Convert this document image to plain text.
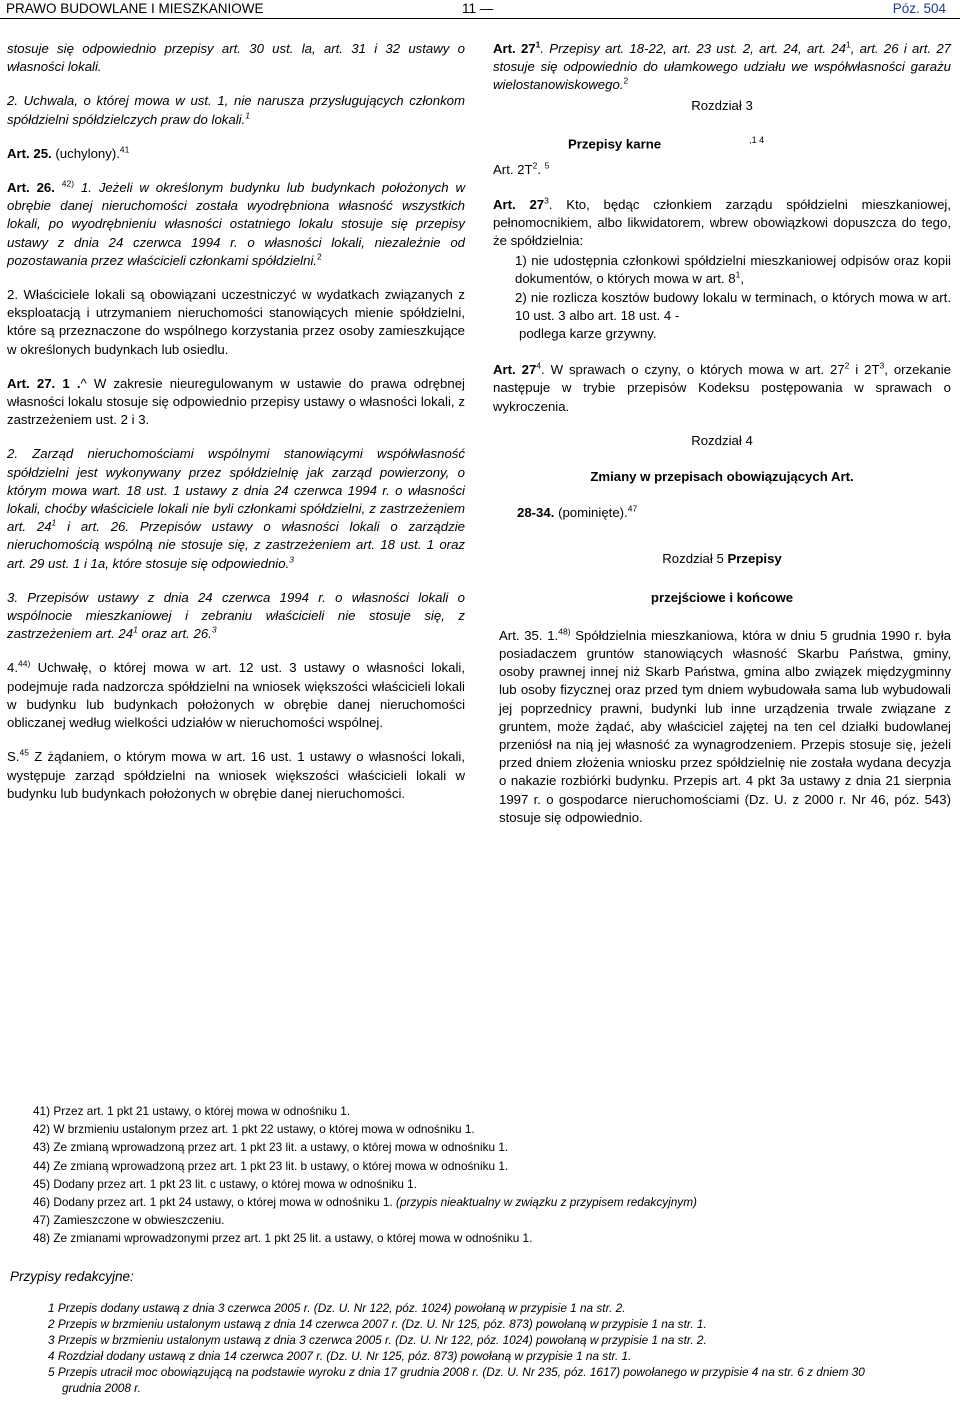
PRAWO BUDOWLANE I MIESZKANIOWE	11 —	Póz. 504

stosuje się odpowiednio przepisy art. 30 ust. la, art. 31 i 32 ustawy o własności lokali.

2. Uchwala, o której mowa w ust. 1, nie narusza przysługujących członkom spółdzielni spółdzielczych praw do lokali.$^1$

Art. 25. (uchylony).$^{41}$

Art. 26. $^{42)}$ 1. Jeżeli w określonym budynku lub budynkach położonych w obrębie danej nieruchomości została wyodrębniona własność wszystkich lokali, po wyodrębnieniu własności ostatniego lokalu stosuje się przepisy ustawy z dnia 24 czerwca 1994 r. o własności lokali, niezależnie od pozostawania przez właścicieli członkami spółdzielni.$^2$

2. Właściciele lokali są obowiązani uczestniczyć w wydatkach związanych z eksploatacją i utrzymaniem nieruchomości stanowiących mienie spółdzielni, które są przeznaczone do wspólnego korzystania przez osoby zamieszkujące w określonych budynkach lub osiedlu.

Art. 27. 1 .^ W zakresie nieuregulowanym w ustawie do prawa odrębnej własności lokalu stosuje się odpowiednio przepisy ustawy o własności lokali, z zastrzeżeniem ust. 2 i 3.

2. Zarząd nieruchomościami wspólnymi stanowiącymi współwłasność spółdzielni jest wykonywany przez spółdzielnię jak zarząd powierzony, o którym mowa wart. 18 ust. 1 ustawy z dnia 24 czerwca 1994 r. o własności lokali, choćby właściciele lokali nie byli członkami spółdzielni, z zastrzeżeniem art. $24^1$ i art. 26. Przepisów ustawy o własności lokali o zarządzie nieruchomością wspólną nie stosuje się, z zastrzeżeniem art. 18 ust. 1 oraz art. 29 ust. 1 i 1a, które stosuje się odpowiednio.$^3$

3. Przepisów ustawy z dnia 24 czerwca 1994 r. o własności lokali o wspólnocie mieszkaniowej i zebraniu właścicieli nie stosuje się, z zastrzeżeniem art. $24^1$ oraz art. 26.$^3$

4.$^{44)}$ Uchwałę, o której mowa w art. 12 ust. 3 ustawy o własności lokali, podejmuje rada nadzorcza spółdzielni na wniosek większości właścicieli lokali w budynku lub budynkach położonych w obrębie danej nieruchomości obliczanej według wielkości udziałów w nieruchomości wspólnej.

S.$^{45}$ Z żądaniem, o którym mowa w art. 16 ust. 1 ustawy o własności lokali, występuje zarząd spółdzielni na wniosek większości właścicieli lokali w budynku lub budynkach położonych w obrębie danej nieruchomości.

Art. $27^1$. Przepisy art. 18-22, art. 23 ust. 2, art. 24, art. $24^1$, art. 26 i art. 27 stosuje się odpowiednio do ułamkowego udziału we współwłasności garażu wielostanowiskowego.$^2$

Rozdział 3
Przepisy karne	$^{,1 4}$

Art. $2T^2$. $^5$

Art. $27^3$. Kto, będąc członkiem zarządu spółdzielni mieszkaniowej, pełnomocnikiem, albo likwidatorem, wbrew obowiązkowi dopuszcza do tego, że spółdzielnia:

1) nie udostępnia członkowi spółdzielni mieszkaniowej odpisów oraz kopii dokumentów, o których mowa w art. $8^1$,

2) nie rozlicza kosztów budowy lokalu w terminach, o których mowa w art. 10 ust. 3 albo art. 18 ust. 4 -

podlega karze grzywny.

Art. $27^4$. W sprawach o czyny, o których mowa w art. $27^2$ i $2T^3$, orzekanie następuje w trybie przepisów Kodeksu postępowania w sprawach o wykroczenia.

Rozdział 4
Zmiany w przepisach obowiązujących Art.

28-34. (pominięte).$^{47}$

Rozdział 5 Przepisy
przejściowe i końcowe

Art. 35. 1.$^{48)}$ Spółdzielnia mieszkaniowa, która w dniu 5 grudnia 1990 r. była posiadaczem gruntów stanowiących własność Skarbu Państwa, gminy, osoby prawnej innej niż Skarb Państwa, gmina albo związek międzygminny lub osoby fizycznej oraz przed tym dniem wybudowała sama lub wybudowali jej poprzednicy prawni, budynki lub inne urządzenia trwale związane z gruntem, może żądać, aby właściciel zajętej na ten cel działki budowlanej przeniósł na nią jej własność za wynagrodzeniem. Przepis stosuje się, jeżeli przed dniem złożenia wniosku przez spółdzielnię nie została wydana decyzja o nakazie rozbiórki budynku. Przepis art. 4 pkt 3a ustawy z dnia 21 sierpnia 1997 r. o gospodarce nieruchomościami (Dz. U. z 2000 r. Nr 46, póz. 543) stosuje się odpowiednio.

41) Przez art. 1 pkt 21 ustawy, o której mowa w odnośniku 1.
42) W brzmieniu ustalonym przez art. 1 pkt 22 ustawy, o której mowa w odnośniku 1.
43) Ze zmianą wprowadzoną przez art. 1 pkt 23 lit. a ustawy, o której mowa w odnośniku 1.
44) Ze zmianą wprowadzoną przez art. 1 pkt 23 lit. b ustawy, o której mowa w odnośniku 1.
45) Dodany przez art. 1 pkt 23 lit. c ustawy, o której mowa w odnośniku 1.
46) Dodany przez art. 1 pkt 24 ustawy, o której mowa w odnośniku 1. (przypis nieaktualny w związku z przypisem redakcyjnym)
47) Zamieszczone w obwieszczeniu.
48) Ze zmianami wprowadzonymi przez art. 1 pkt 25 lit. a ustawy, o której mowa w odnośniku 1.
Przypisy redakcyjne:
1 Przepis dodany ustawą z dnia 3 czerwca 2005 r. (Dz. U. Nr 122, póz. 1024) powołaną w przypisie 1 na str. 2.
2 Przepis w brzmieniu ustalonym ustawą z dnia 14 czerwca 2007 r. (Dz. U. Nr 125, póz. 873) powołaną w przypisie 1 na str. 1.
3 Przepis w brzmieniu ustalonym ustawą z dnia 3 czerwca 2005 r. (Dz. U. Nr 122, póz. 1024) powołaną w przypisie 1 na str. 2.
4 Rozdział dodany ustawą z dnia 14 czerwca 2007 r. (Dz. U. Nr 125, póz. 873) powołaną w przypisie 1 na str. 1.
5 Przepis utracił moc obowiązującą na podstawie wyroku z dnia 17 grudnia 2008 r. (Dz. U. Nr 235, póz. 1617) powołanego w przypisie 4 na str. 6 z dniem 30
grudnia 2008 r.
